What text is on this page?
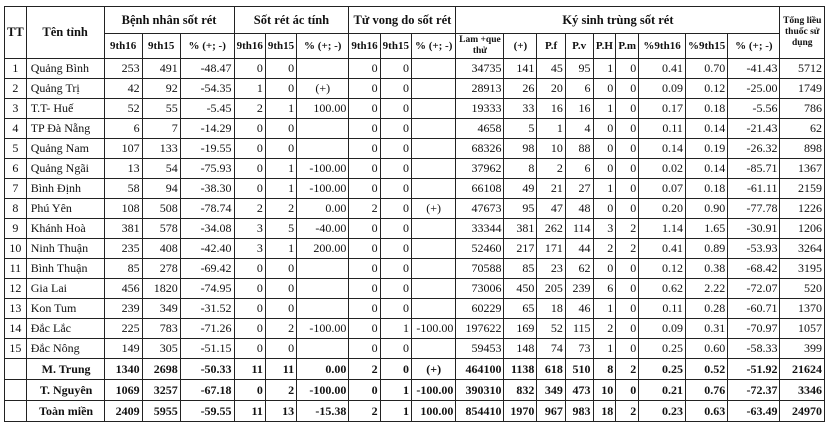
TT	Tên tỉnh	Bệnh nhân sốt rét			Sốt rét ác tính			Tử vong do sốt rét			Ký sinh trùng sốt rét									Tổng liều thuốc sử dụng
		9th16	9th15	% (+; -)	9th16	9th15	% (+; -)	9th16	9th15	% (+; -)	Lam +que thử	(+)	P.f	P.v	P.H	P.m	%9th16	%9th15	% (+; -)	
1	Quảng Bình	253	491	-48.47	0	0		0	0		34735	141	45	95	1	0	0.41	0.70	-41.43	5712
2	Quảng Trị	42	92	-54.35	1	0	(+)	0	0		28913	26	20	6	0	0	0.09	0.12	-25.00	1749
3	T.T- Huế	52	55	-5.45	2	1	100.00	0	0		19333	33	16	16	1	0	0.17	0.18	-5.56	786
4	TP Đà Nẵng	6	7	-14.29	0	0		0	0		4658	5	1	4	0	0	0.11	0.14	-21.43	62
5	Quảng Nam	107	133	-19.55	0	0		0	0		68326	98	10	88	0	0	0.14	0.19	-26.32	898
6	Quảng Ngãi	13	54	-75.93	0	1	-100.00	0	0		37962	8	2	6	0	0	0.02	0.14	-85.71	1367
7	Bình Định	58	94	-38.30	0	1	-100.00	0	0		66108	49	21	27	1	0	0.07	0.18	-61.11	2159
8	Phú Yên	108	508	-78.74	2	2	0.00	2	0	(+)	47673	95	47	48	0	0	0.20	0.90	-77.78	1226
9	Khánh Hoà	381	578	-34.08	3	5	-40.00	0	0		33344	381	262	114	3	2	1.14	1.65	-30.91	1206
10	Ninh Thuận	235	408	-42.40	3	1	200.00	0	0		52460	217	171	44	2	2	0.41	0.89	-53.93	3264
11	Bình Thuận	85	278	-69.42	0	0		0	0		70588	85	23	62	0	0	0.12	0.38	-68.42	3195
12	Gia Lai	456	1820	-74.95	0	0		0	0		73006	450	205	239	6	0	0.62	2.22	-72.07	520
13	Kon Tum	239	349	-31.52	0	0		0	0		60229	65	18	46	1	0	0.11	0.28	-60.71	1370
14	Đắc Lắc	225	783	-71.26	0	2	-100.00	0	1	-100.00	197622	169	52	115	2	0	0.09	0.31	-70.97	1057
15	Đắc Nông	149	305	-51.15	0	0		0	0		59453	148	74	73	1	0	0.25	0.60	-58.33	399
	M. Trung	1340	2698	-50.33	11	11	0.00	2	0	(+)	464100	1138	618	510	8	2	0.25	0.52	-51.92	21624
	T. Nguyên	1069	3257	-67.18	0	2	-100.00	0	1	-100.00	390310	832	349	473	10	0	0.21	0.76	-72.37	3346
	Toàn miền	2409	5955	-59.55	11	13	-15.38	2	1	100.00	854410	1970	967	983	18	2	0.23	0.63	-63.49	24970
